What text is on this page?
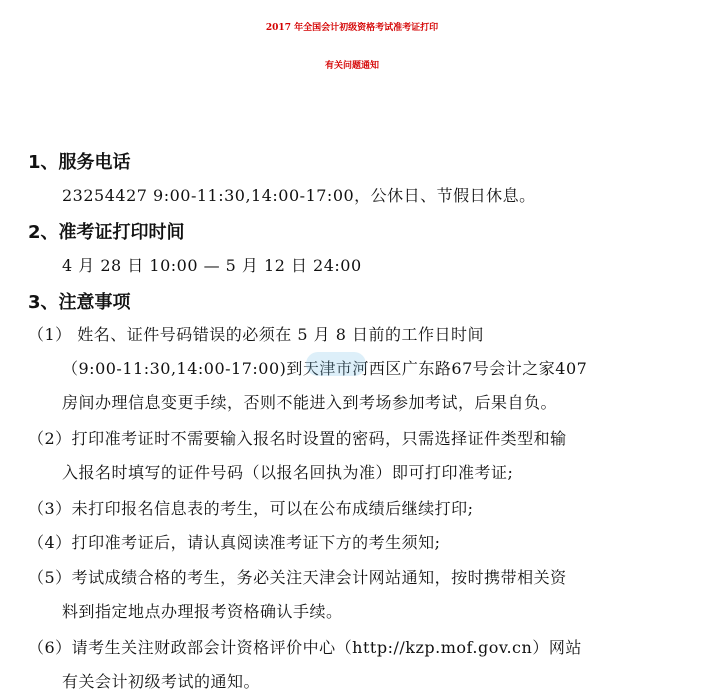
2017 年全国会计初级资格考试准考证打印
有关问题通知
1、服务电话
23254427 9:00-11:30,14:00-17:00，公休日、节假日休息。
2、准考证打印时间
4 月 28 日 10:00 — 5 月 12 日 24:00
3、注意事项
（1） 姓名、证件号码错误的必须在 5 月 8 日前的工作日时间
（9:00-11:30,14:00-17:00)到天津市河西区广东路67号会计之家407
房间办理信息变更手续，否则不能进入到考场参加考试，后果自负。
（2）打印准考证时不需要输入报名时设置的密码，只需选择证件类型和输
入报名时填写的证件号码（以报名回执为准）即可打印准考证;
（3）未打印报名信息表的考生，可以在公布成绩后继续打印;
（4）打印准考证后，请认真阅读准考证下方的考生须知;
（5）考试成绩合格的考生，务必关注天津会计网站通知，按时携带相关资
料到指定地点办理报考资格确认手续。
（6）请考生关注财政部会计资格评价中心（http://kzp.mof.gov.cn）网站
有关会计初级考试的通知。
